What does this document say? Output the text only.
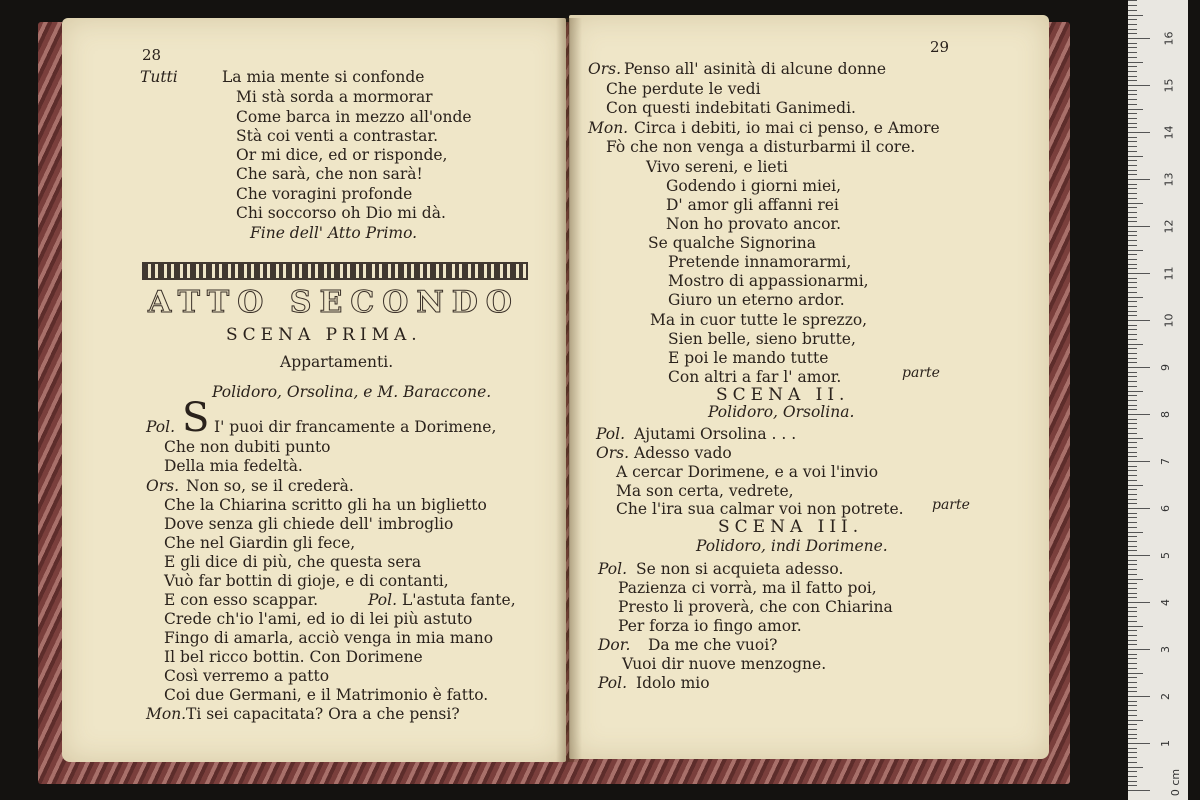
28
Tutti	La mia mente si confonde
Mi stà sorda a mormorar
Come barca in mezzo all'onde
Stà coi venti a contrastar.
Or mi dice, ed or risponde,
Che sarà, che non sarà!
Che voragini profonde
Chi soccorso oh Dio mi dà.
Fine dell' Atto Primo.
ATTO SECONDO
SCENA PRIMA.
Appartamenti.
Polidoro, Orsolina, e M. Baraccone.
S
Pol.	I' puoi dir francamente a Dorimene,
Che non dubiti punto
Della mia fedeltà.
Ors. Non so, se il crederà.
Che la Chiarina scritto gli ha un biglietto
Dove senza gli chiede dell' imbroglio
Che nel Giardin gli fece,
E gli dice di più, che questa sera
Vuò far bottin di gioje, e di contanti,
E con esso scappar.
Crede ch'io l'ami, ed io di lei più astuto
Fingo di amarla, acciò venga in mia mano
Il bel ricco bottin. Con Dorimene
Così verremo a patto
Coi due Germani, e il Matrimonio è fatto.
Mon. Ti sei capacitata? Ora a che pensi?
Pol. L'astuta fante,
29
Ors. Penso all' asinità di alcune donne
Che perdute le vedi
Con questi indebitati Ganimedi.
Mon. Circa i debiti, io mai ci penso, e Amore
Fò che non venga a disturbarmi il core.
Vivo sereni, e lieti
Godendo i giorni miei,
D' amor gli affanni rei
Non ho provato ancor.
Se qualche Signorina
Pretende innamorarmi,
Mostro di appassionarmi,
Giuro un eterno ardor.
Ma in cuor tutte le sprezzo,
Sien belle, sieno brutte,
E poi le mando tutte
Con altri a far l' amor.	parte
SCENA II.
Polidoro, Orsolina.
Pol. Ajutami Orsolina . . .
Ors. Adesso vado
A cercar Dorimene, e a voi l'invio
Ma son certa, vedrete,
Che l'ira sua calmar voi non potrete. parte
SCENA III.
Polidoro, indi Dorimene.
Pol. Se non si acquieta adesso.
Pazienza ci vorrà, ma il fatto poi,
Presto li proverà, che con Chiarina
Per forza io fingo amor.
Dor. Da me che vuoi?
Vuoi dir nuove menzogne.
Pol. Idolo mio
0 cm
1
2
3
4
5
6
7
8
9
10
11
12
13
14
15
16
